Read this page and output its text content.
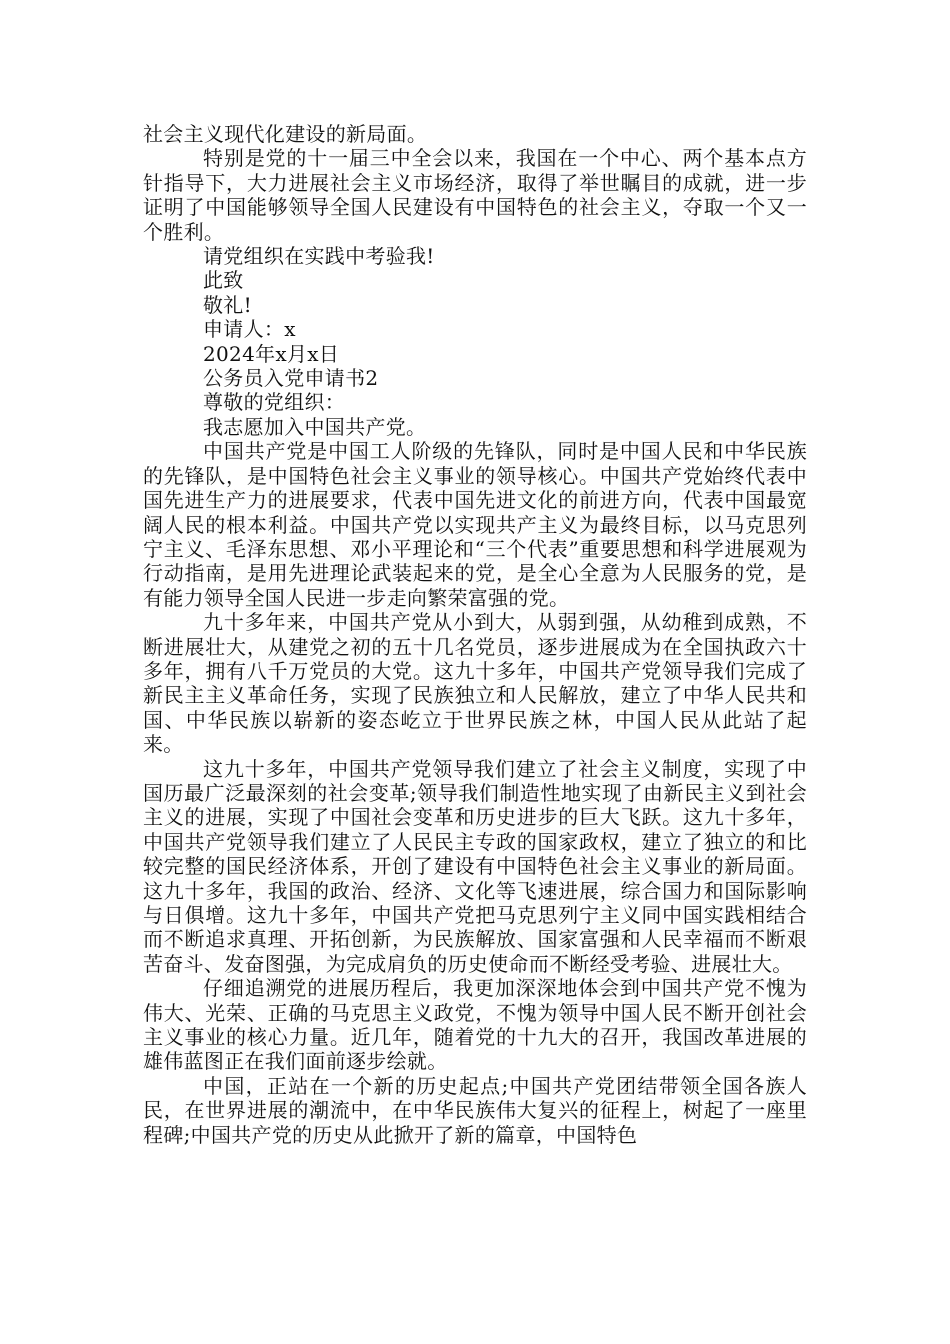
社会主义现代化建设的新局面。

特别是党的十一届三中全会以来，我国在一个中心、两个基本点方针指导下，大力进展社会主义市场经济，取得了举世瞩目的成就，进一步证明了中国能够领导全国人民建设有中国特色的社会主义，夺取一个又一个胜利。

请党组织在实践中考验我!

此致

敬礼!

申请人：x

2024年x月x日

公务员入党申请书2

尊敬的党组织：

我志愿加入中国共产党。

中国共产党是中国工人阶级的先锋队，同时是中国人民和中华民族的先锋队，是中国特色社会主义事业的领导核心。中国共产党始终代表中国先进生产力的进展要求，代表中国先进文化的前进方向，代表中国最宽阔人民的根本利益。中国共产党以实现共产主义为最终目标，以马克思列宁主义、毛泽东思想、邓小平理论和“三个代表”重要思想和科学进展观为行动指南，是用先进理论武装起来的党，是全心全意为人民服务的党，是有能力领导全国人民进一步走向繁荣富强的党。

九十多年来，中国共产党从小到大，从弱到强，从幼稚到成熟，不断进展壮大，从建党之初的五十几名党员，逐步进展成为在全国执政六十多年，拥有八千万党员的大党。这九十多年，中国共产党领导我们完成了新民主主义革命任务，实现了民族独立和人民解放，建立了中华人民共和国、中华民族以崭新的姿态屹立于世界民族之林，中国人民从此站了起来。

这九十多年，中国共产党领导我们建立了社会主义制度，实现了中国历最广泛最深刻的社会变革;领导我们制造性地实现了由新民主义到社会主义的进展，实现了中国社会变革和历史进步的巨大飞跃。这九十多年，中国共产党领导我们建立了人民民主专政的国家政权，建立了独立的和比较完整的国民经济体系，开创了建设有中国特色社会主义事业的新局面。这九十多年，我国的政治、经济、文化等飞速进展，综合国力和国际影响与日俱增。这九十多年，中国共产党把马克思列宁主义同中国实践相结合而不断追求真理、开拓创新，为民族解放、国家富强和人民幸福而不断艰苦奋斗、发奋图强，为完成肩负的历史使命而不断经受考验、进展壮大。

仔细追溯党的进展历程后，我更加深深地体会到中国共产党不愧为伟大、光荣、正确的马克思主义政党，不愧为领导中国人民不断开创社会主义事业的核心力量。近几年，随着党的十九大的召开，我国改革进展的雄伟蓝图正在我们面前逐步绘就。

中国，正站在一个新的历史起点;中国共产党团结带领全国各族人民，在世界进展的潮流中，在中华民族伟大复兴的征程上，树起了一座里程碑;中国共产党的历史从此掀开了新的篇章，中国特色
